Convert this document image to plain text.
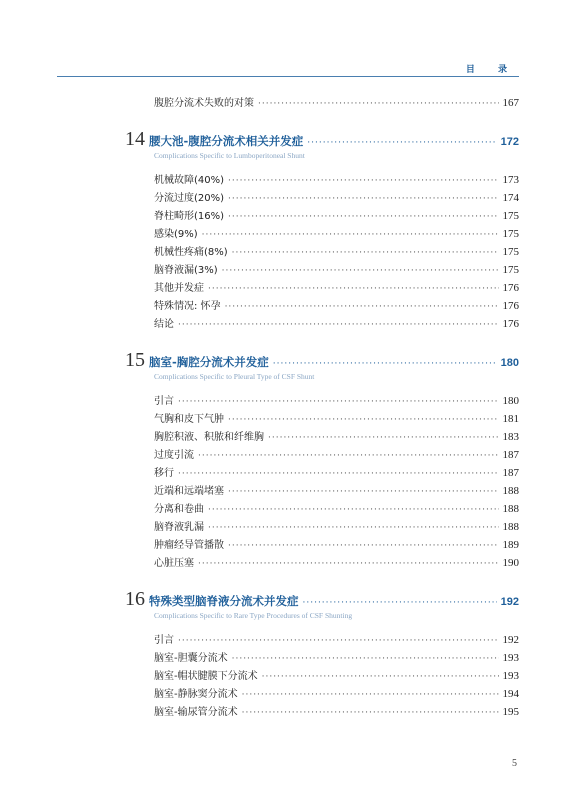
目 录
腹腔分流术失败的对策 ·····	167
14 腰大池-腹腔分流术相关并发症 ·····	172
Complications Specific to Lumboperitoneal Shunt
机械故障(40%) ·····	173
分流过度(20%) ·····	174
脊柱畸形(16%) ·····	175
感染(9%) ·····	175
机械性疼痛(8%) ·····	175
脑脊液漏(3%) ·····	175
其他并发症 ·····	176
特殊情况: 怀孕 ·····	176
结论 ·····	176
15 脑室-胸腔分流术并发症 ·····	180
Complications Specific to Pleural Type of CSF Shunt
引言 ·····	180
气胸和皮下气肿 ·····	181
胸腔积液、积脓和纤维胸 ·····	183
过度引流 ·····	187
移行 ·····	187
近端和远端堵塞 ·····	188
分离和卷曲 ·····	188
脑脊液乳漏 ·····	188
肿瘤经导管播散 ·····	189
心脏压塞 ·····	190
16 特殊类型脑脊液分流术并发症 ·····	192
Complications Specific to Rare Type Procedures of CSF Shunting
引言 ·····	192
脑室-胆囊分流术 ·····	193
脑室-帽状腱膜下分流术 ·····	193
脑室-静脉窦分流术 ·····	194
脑室-输尿管分流术 ·····	195
5
